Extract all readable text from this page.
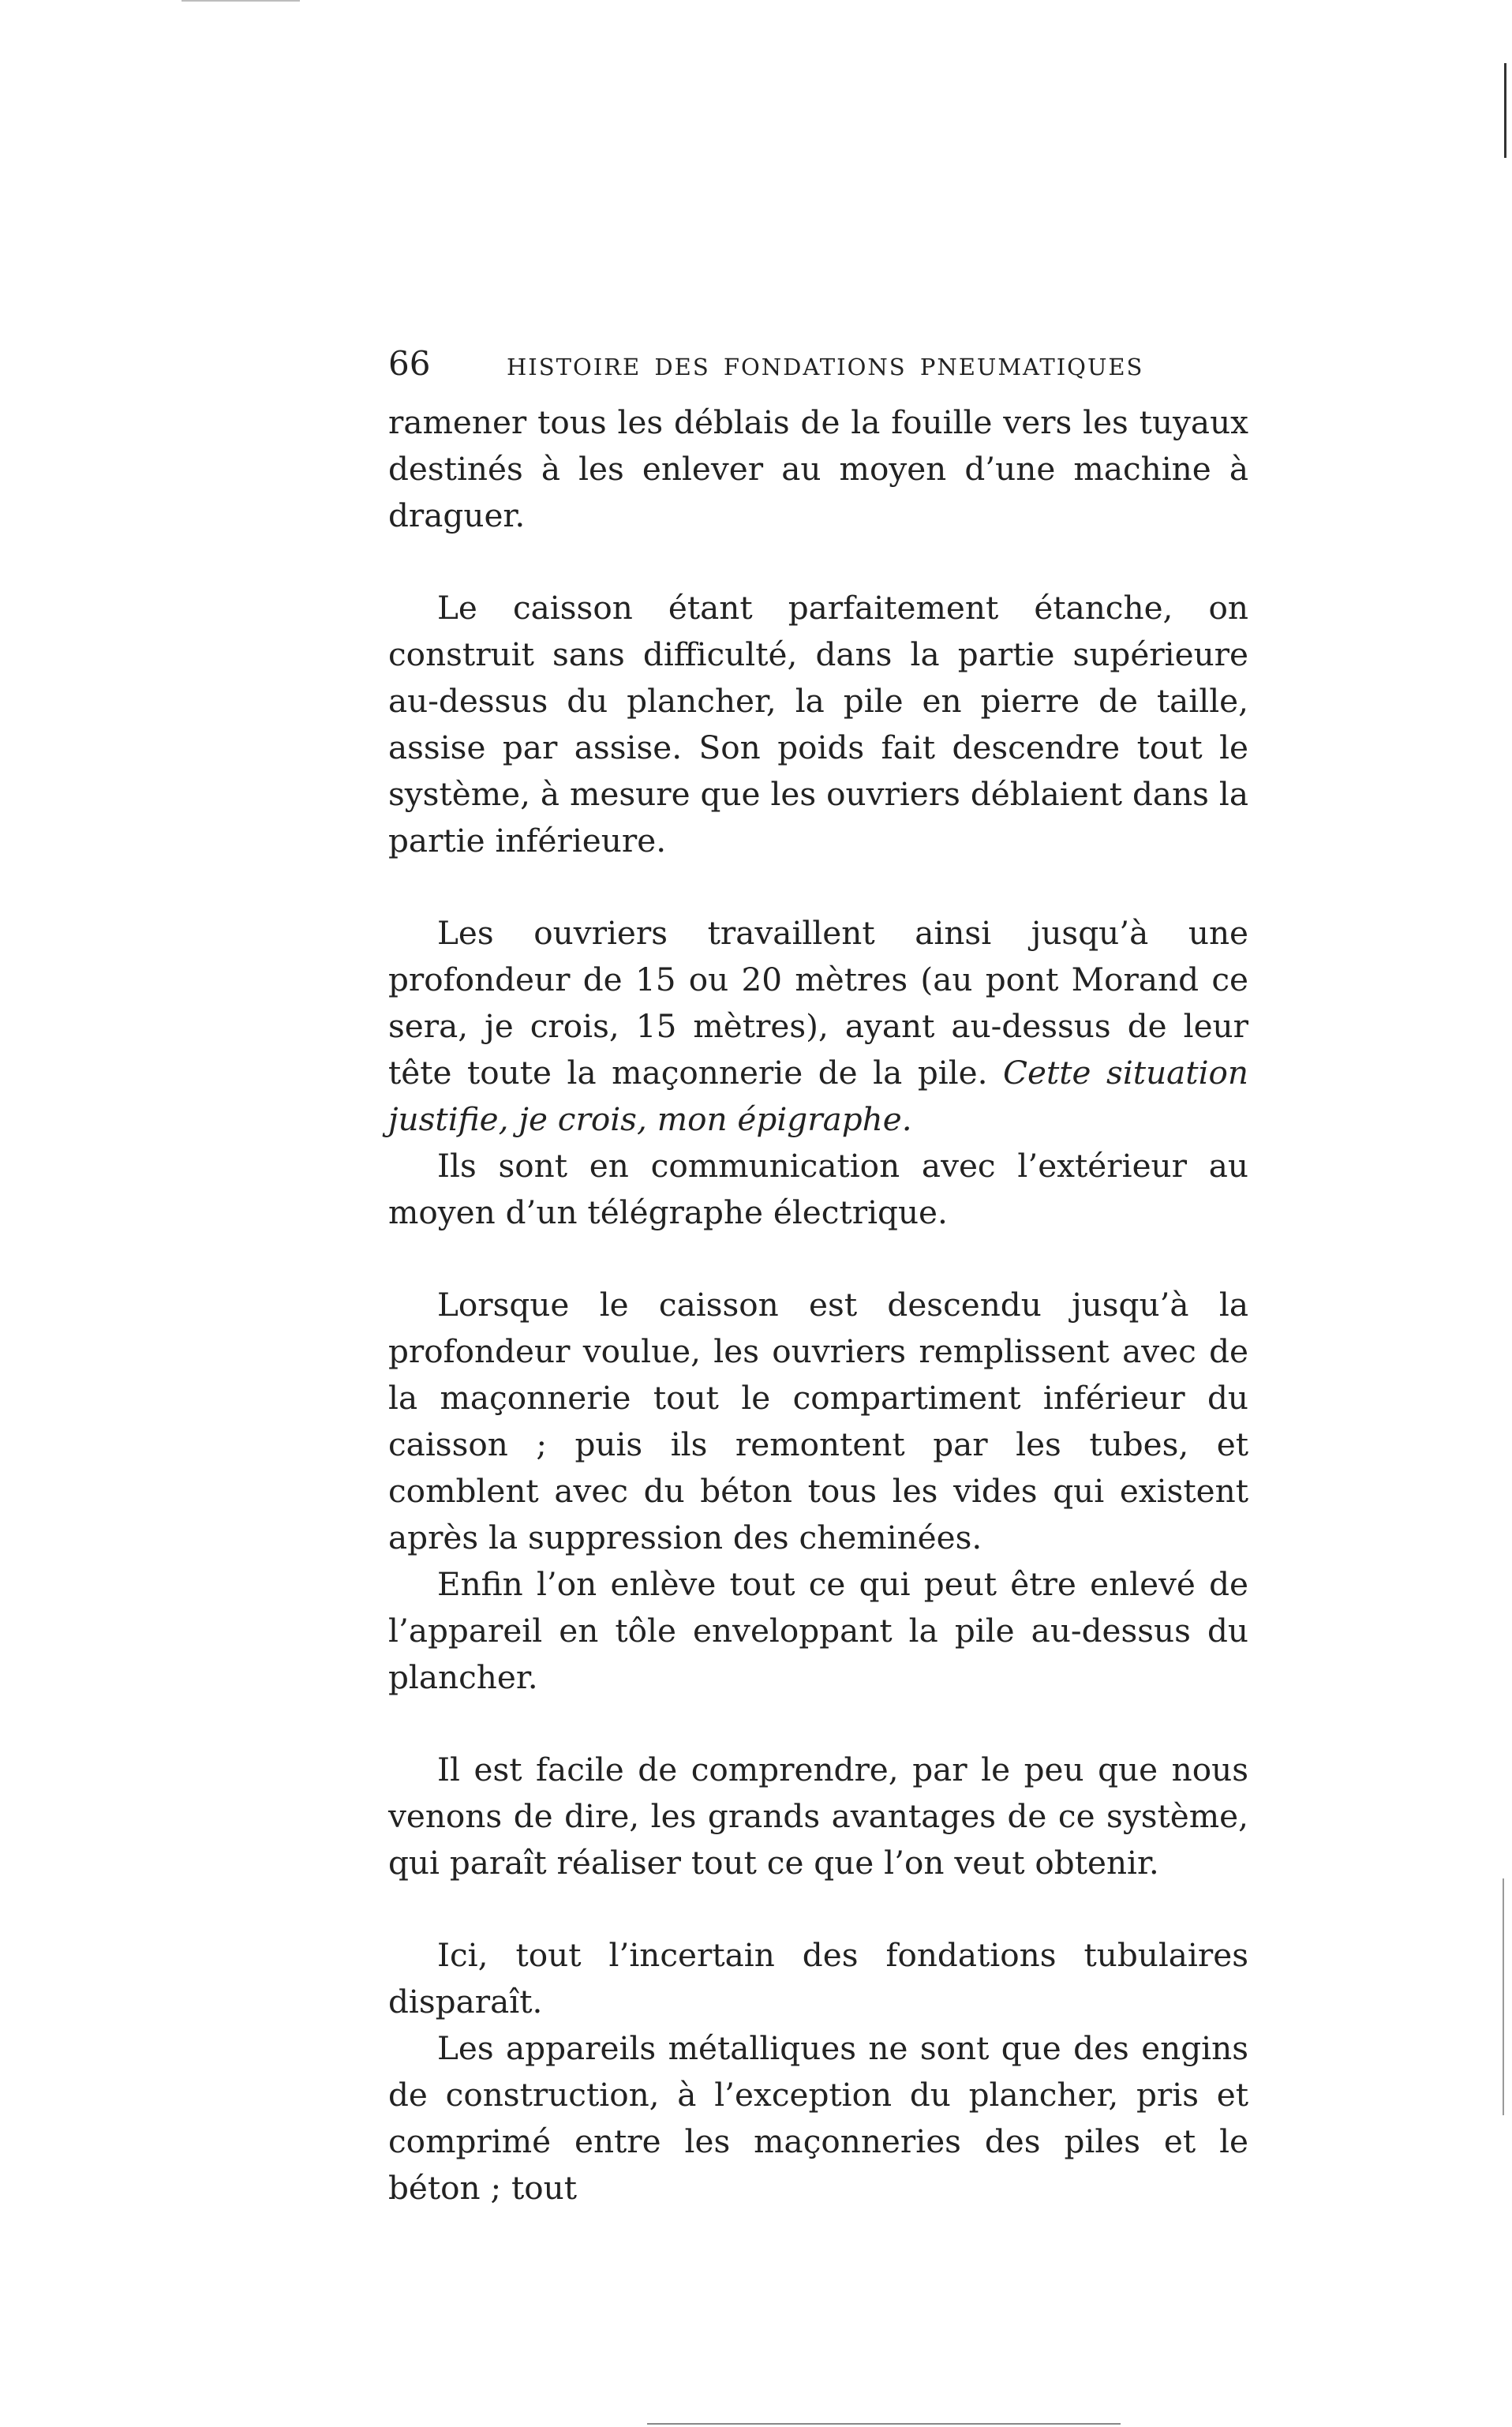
66	HISTOIRE DES FONDATIONS PNEUMATIQUES

ramener tous les déblais de la fouille vers les tuyaux destinés à les enlever au moyen d’une machine à draguer.

Le caisson étant parfaitement étanche, on construit sans difficulté, dans la partie supérieure au-dessus du plancher, la pile en pierre de taille, assise par assise. Son poids fait descendre tout le système, à mesure que les ouvriers déblaient dans la partie inférieure.

Les ouvriers travaillent ainsi jusqu’à une profondeur de 15 ou 20 mètres (au pont Morand ce sera, je crois, 15 mètres), ayant au-dessus de leur tête toute la maçonnerie de la pile. Cette situation justifie, je crois, mon épigraphe.

Ils sont en communication avec l’extérieur au moyen d’un télégraphe électrique.

Lorsque le caisson est descendu jusqu’à la profondeur voulue, les ouvriers remplissent avec de la maçonnerie tout le compartiment inférieur du caisson ; puis ils remontent par les tubes, et comblent avec du béton tous les vides qui existent après la suppression des cheminées.

Enfin l’on enlève tout ce qui peut être enlevé de l’appareil en tôle enveloppant la pile au-dessus du plancher.

Il est facile de comprendre, par le peu que nous venons de dire, les grands avantages de ce système, qui paraît réaliser tout ce que l’on veut obtenir.

Ici, tout l’incertain des fondations tubulaires disparaît.

Les appareils métalliques ne sont que des engins de construction, à l’exception du plancher, pris et comprimé entre les maçonneries des piles et le béton ; tout
